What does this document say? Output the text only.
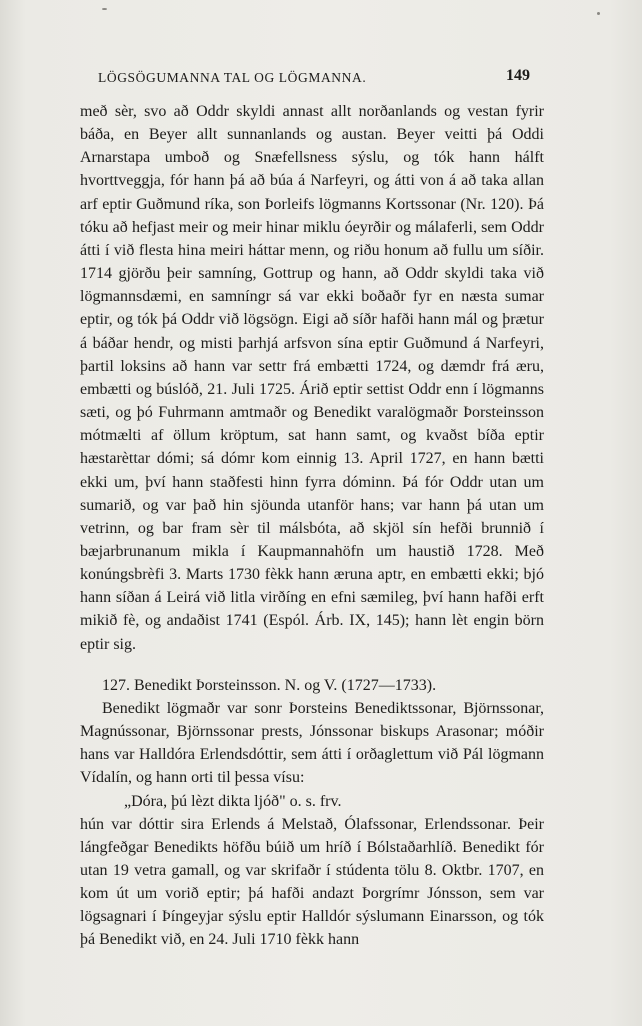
LÖGSÖGUMANNA TAL OG LÖGMANNA.	149

með sèr, svo að Oddr skyldi annast allt norðanlands og vestan fyrir báða, en Beyer allt sunnanlands og austan. Beyer veitti þá Oddi Arnarstapa umboð og Snæfellsness sýslu, og tók hann hálft hvorttveggja, fór hann þá að búa á Narfeyri, og átti von á að taka allan arf eptir Guðmund ríka, son Þorleifs lögmanns Kortssonar (Nr. 120). Þá tóku að hefjast meir og meir hinar miklu óeyrðir og málaferli, sem Oddr átti í við flesta hina meiri háttar menn, og riðu honum að fullu um síðir. 1714 gjörðu þeir samníng, Gottrup og hann, að Oddr skyldi taka við lögmannsdæmi, en samníngr sá var ekki boðaðr fyr en næsta sumar eptir, og tók þá Oddr við lögsögn. Eigi að síðr hafði hann mál og þrætur á báðar hendr, og misti þarhjá arfsvon sína eptir Guðmund á Narfeyri, þartil loksins að hann var settr frá embætti 1724, og dæmdr frá æru, embætti og búslóð, 21. Juli 1725. Árið eptir settist Oddr enn í lögmanns sæti, og þó Fuhrmann amtmaðr og Benedikt varalögmaðr Þorsteinsson mótmælti af öllum kröptum, sat hann samt, og kvaðst bíða eptir hæstarèttar dómi; sá dómr kom einnig 13. April 1727, en hann bætti ekki um, því hann staðfesti hinn fyrra dóminn. Þá fór Oddr utan um sumarið, og var það hin sjöunda utanför hans; var hann þá utan um vetrinn, og bar fram sèr til málsbóta, að skjöl sín hefði brunnið í bæjarbrunanum mikla í Kaupmannahöfn um haustið 1728. Með konúngsbrèfi 3. Marts 1730 fèkk hann æruna aptr, en embætti ekki; bjó hann síðan á Leirá við litla virðíng en efni sæmileg, því hann hafði erft mikið fè, og andaðist 1741 (Espól. Árb. IX, 145); hann lèt engin börn eptir sig.

127. Benedikt Þorsteinsson. N. og V. (1727—1733).

Benedikt lögmaðr var sonr Þorsteins Benediktssonar, Björnssonar, Magnússonar, Björnssonar prests, Jónssonar biskups Arasonar; móðir hans var Halldóra Erlendsdóttir, sem átti í orðaglettum við Pál lögmann Vídalín, og hann orti til þessa vísu:

„Dóra, þú lèzt dikta ljóð" o. s. frv.

hún var dóttir sira Erlends á Melstað, Ólafssonar, Erlendssonar. Þeir lángfeðgar Benedikts höfðu búið um hríð í Bólstaðarhlíð. Benedikt fór utan 19 vetra gamall, og var skrifaðr í stúdenta tölu 8. Oktbr. 1707, en kom út um vorið eptir; þá hafði andazt Þorgrímr Jónsson, sem var lögsagnari í Þíngeyjar sýslu eptir Halldór sýslumann Einarsson, og tók þá Benedikt við, en 24. Juli 1710 fèkk hann
